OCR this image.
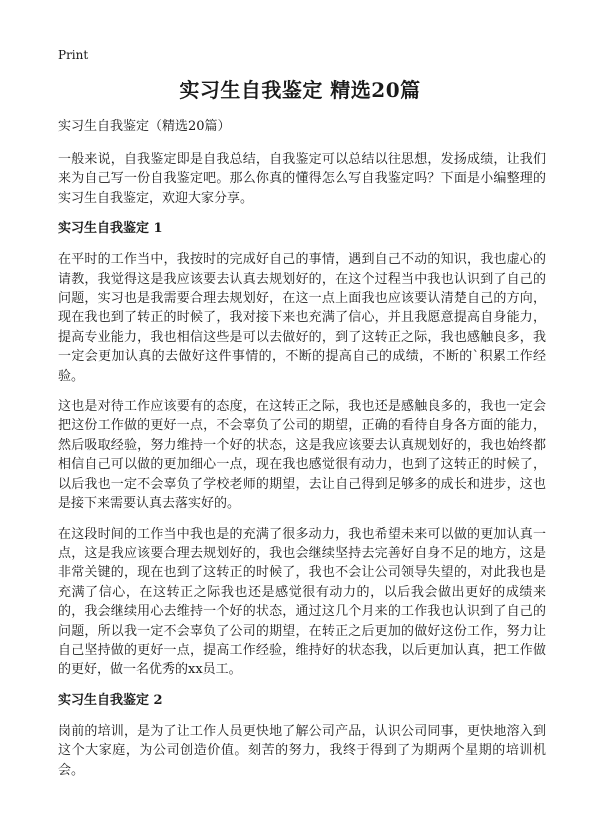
Print
实习生自我鉴定 精选20篇
实习生自我鉴定（精选20篇）

一般来说，自我鉴定即是自我总结，自我鉴定可以总结以往思想，发扬成绩，让我们来为自己写一份自我鉴定吧。那么你真的懂得怎么写自我鉴定吗？下面是小编整理的实习生自我鉴定，欢迎大家分享。

实习生自我鉴定 1

在平时的工作当中，我按时的完成好自己的事情，遇到自己不动的知识，我也虚心的请教，我觉得这是我应该要去认真去规划好的，在这个过程当中我也认识到了自己的问题，实习也是我需要合理去规划好，在这一点上面我也应该要认清楚自己的方向，现在我也到了转正的时候了，我对接下来也充满了信心，并且我愿意提高自身能力，提高专业能力，我也相信这些是可以去做好的，到了这转正之际，我也感触良多，我一定会更加认真的去做好这件事情的，不断的提高自己的成绩，不断的`积累工作经验。

这也是对待工作应该要有的态度，在这转正之际，我也还是感触良多的，我也一定会把这份工作做的更好一点，不会辜负了公司的期望，正确的看待自身各方面的能力，然后吸取经验，努力维持一个好的状态，这是我应该要去认真规划好的，我也始终都相信自己可以做的更加细心一点，现在我也感觉很有动力，也到了这转正的时候了，以后我也一定不会辜负了学校老师的期望，去让自己得到足够多的成长和进步，这也是接下来需要认真去落实好的。

在这段时间的工作当中我也是的充满了很多动力，我也希望未来可以做的更加认真一点，这是我应该要合理去规划好的，我也会继续坚持去完善好自身不足的地方，这是非常关键的，现在也到了这转正的时候了，我也不会让公司领导失望的，对此我也是充满了信心，在这转正之际我也还是感觉很有动力的，以后我会做出更好的成绩来的，我会继续用心去维持一个好的状态，通过这几个月来的工作我也认识到了自己的问题，所以我一定不会辜负了公司的期望，在转正之后更加的做好这份工作，努力让自己坚持做的更好一点，提高工作经验，维持好的状态我，以后更加认真，把工作做的更好，做一名优秀的xx员工。

实习生自我鉴定 2

岗前的培训，是为了让工作人员更快地了解公司产品，认识公司同事，更快地溶入到这个大家庭，为公司创造价值。刻苦的努力，我终于得到了为期两个星期的培训机会。
